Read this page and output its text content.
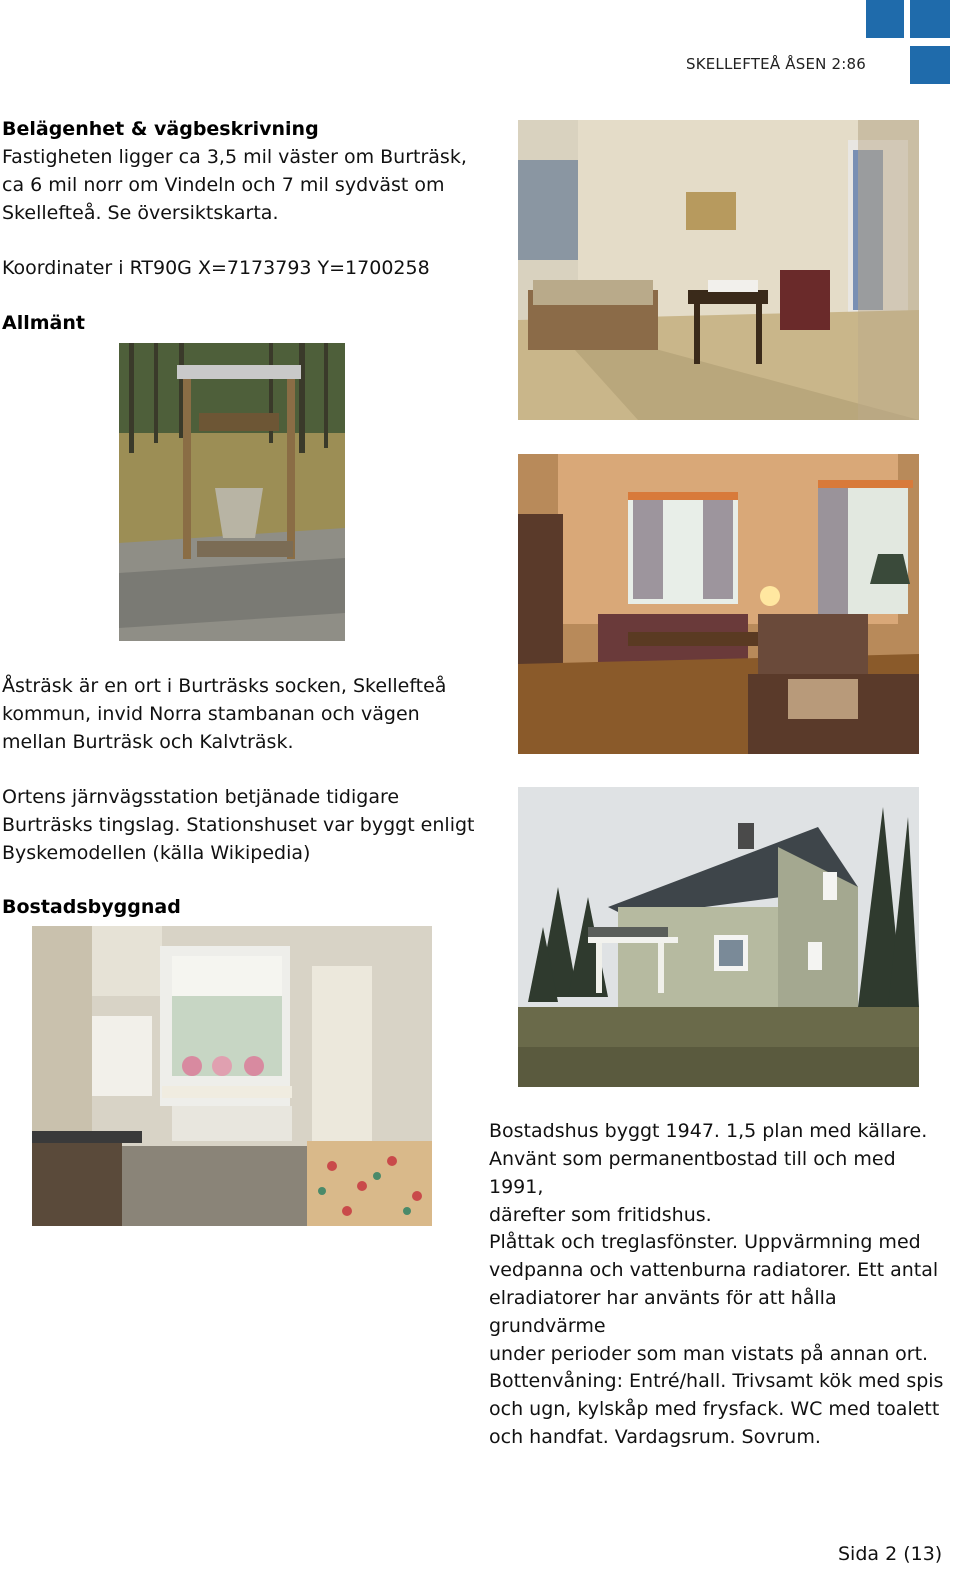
SKELLEFTEÅ ÅSEN 2:86
Belägenhet & vägbeskrivning
Fastigheten ligger ca 3,5 mil väster om Burträsk,
ca 6 mil norr om Vindeln och 7 mil sydväst om
Skellefteå. Se översiktskarta.
Koordinater i RT90G X=7173793 Y=1700258
Allmänt
Åsträsk är en ort i Burträsks socken, Skellefteå
kommun, invid Norra stambanan och vägen
mellan Burträsk och Kalvträsk.
Ortens järnvägsstation betjänade tidigare
Burträsks tingslag. Stationshuset var byggt enligt
Byskemodellen (källa Wikipedia)
Bostadsbyggnad
Bostadshus byggt 1947. 1,5 plan med källare.
Använt som permanentbostad till och med 1991,
därefter som fritidshus.
Plåttak och treglasfönster. Uppvärmning med
vedpanna och vattenburna radiatorer. Ett antal
elradiatorer har använts för att hålla grundvärme
under perioder som man vistats på annan ort.
Bottenvåning: Entré/hall. Trivsamt kök med spis
och ugn, kylskåp med frysfack. WC med toalett
och handfat. Vardagsrum. Sovrum.
Sida 2 (13)
